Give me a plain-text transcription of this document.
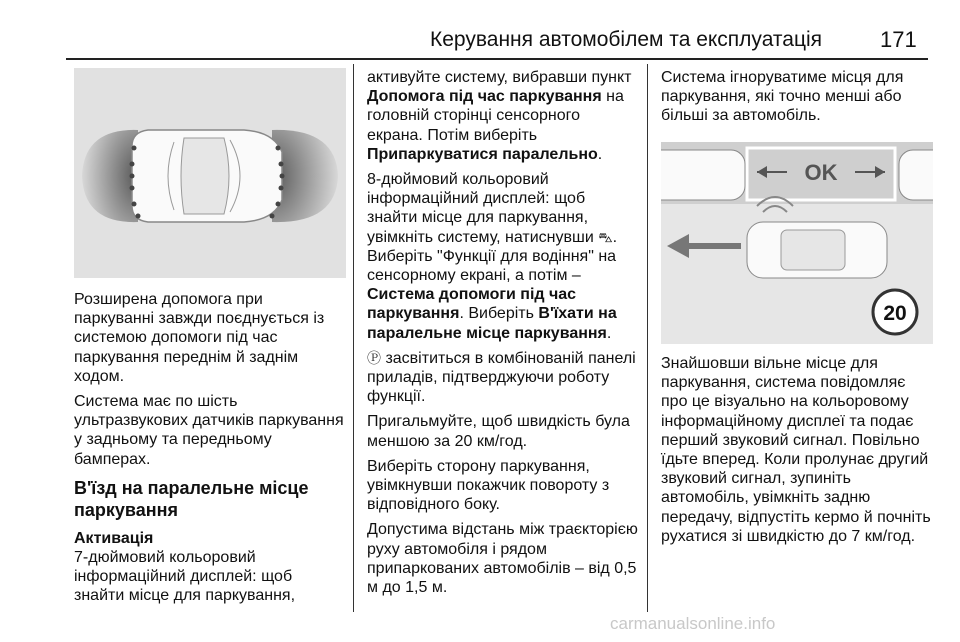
Керування автомобілем та експлуатація	171

Розширена допомога при паркуванні завжди поєднується із системою допомоги під час паркування переднім й заднім ходом.

Система має по шість ультразвукових датчиків паркування у задньому та передньому бамперах.

В'їзд на паралельне місце паркування
Активація

7-дюймовий кольоровий інформаційний дисплей: щоб знайти місце для паркування,

активуйте систему, вибравши пункт Допомога під час паркування на головній сторінці сенсорного екрана. Потім виберіть Припаркуватися паралельно.

8-дюймовий кольоровий інформаційний дисплей: щоб знайти місце для паркування, увімкніть систему, натиснувши ⛍. Виберіть "Функції для водіння" на сенсорному екрані, а потім – Система допомоги під час паркування. Виберіть В'їхати на паралельне місце паркування.

Ⓟ засвітиться в комбінованій панелі приладів, підтверджуючи роботу функції.

Пригальмуйте, щоб швидкість була меншою за 20 км/год.

Виберіть сторону паркування, увімкнувши покажчик повороту з відповідного боку.

Допустима відстань між траєкторією руху автомобіля і рядом припаркованих автомобілів – від 0,5 м до 1,5 м.

Система ігноруватиме місця для паркування, які точно менші або більші за автомобіль.

Знайшовши вільне місце для паркування, система повідомляє про це візуально на кольоровому інформаційному дисплеї та подає перший звуковий сигнал. Повільно їдьте вперед. Коли пролунає другий звуковий сигнал, зупиніть автомобіль, увімкніть задню передачу, відпустіть кермо й почніть рухатися зі швидкістю до 7 км/год.

OK
20
carmanualsonline.info
